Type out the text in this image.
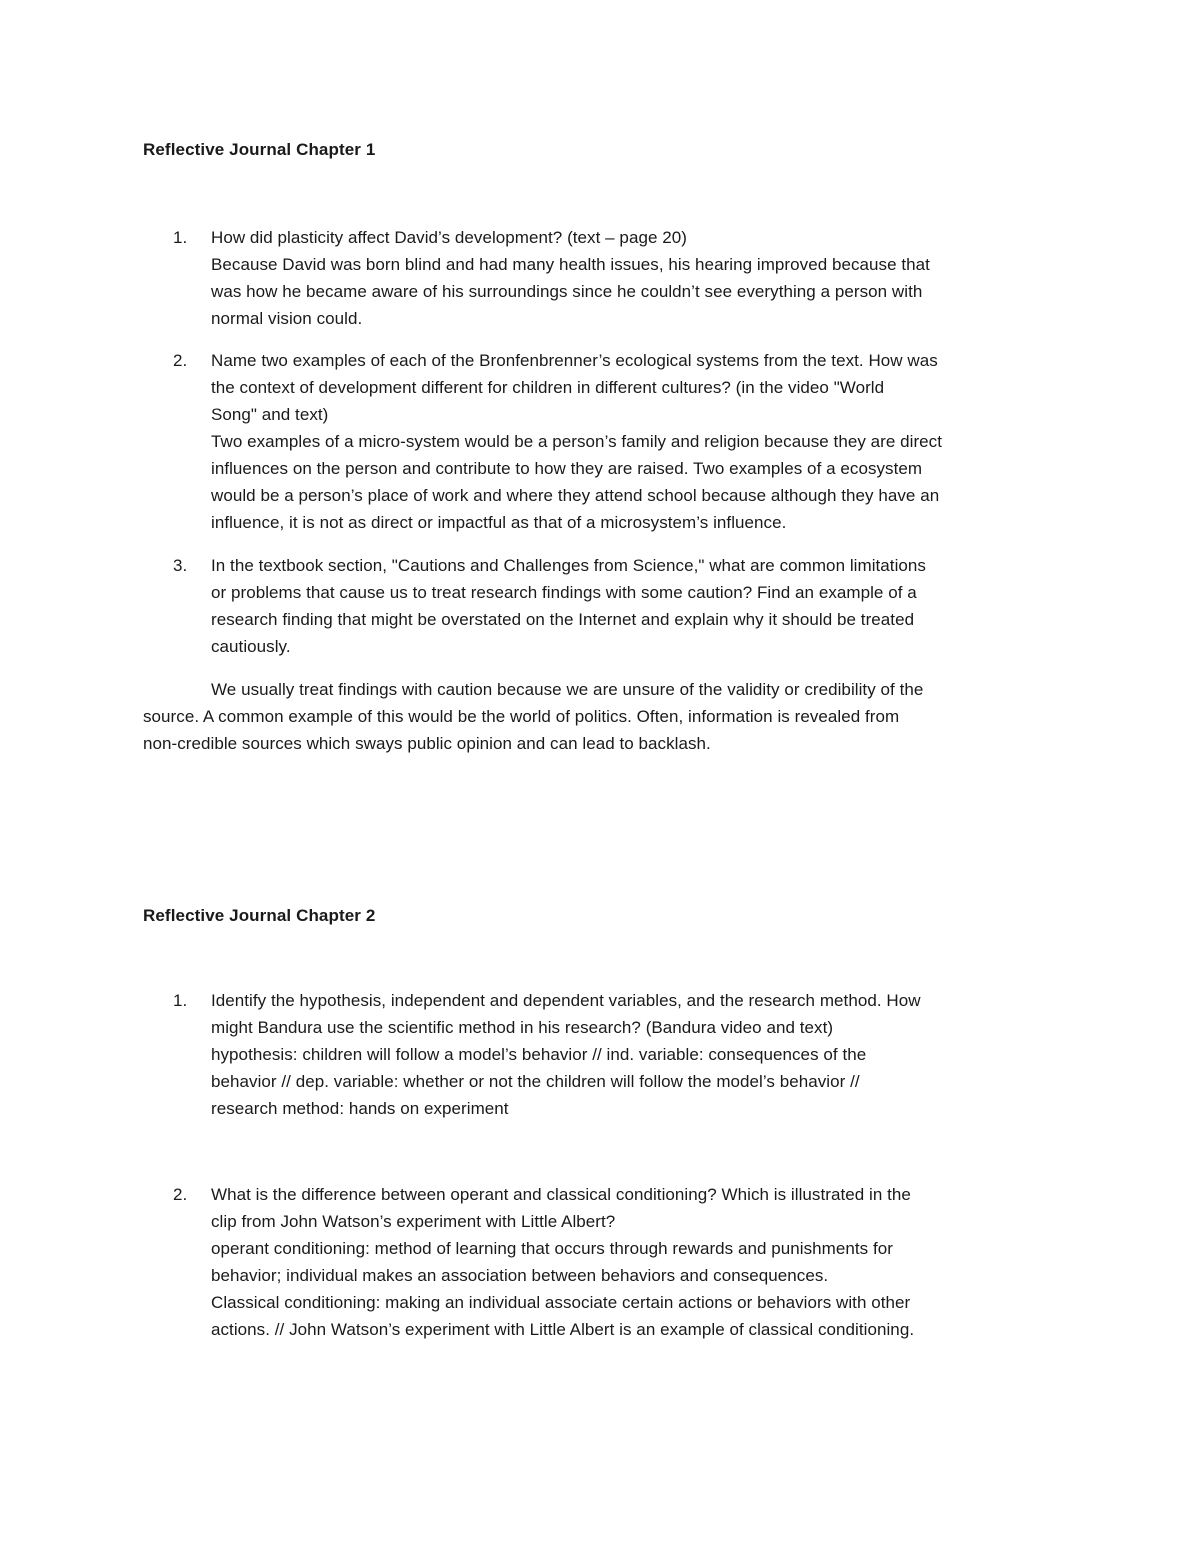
Reflective Journal Chapter 1
1. How did plasticity affect David’s development? (text – page 20)
Because David was born blind and had many health issues, his hearing improved because that
was how he became aware of his surroundings since he couldn’t see everything a person with
normal vision could.
2. Name two examples of each of the Bronfenbrenner’s ecological systems from the text. How was
the context of development different for children in different cultures? (in the video "World
Song" and text)
Two examples of a micro-system would be a person’s family and religion because they are direct
influences on the person and contribute to how they are raised. Two examples of a ecosystem
would be a person’s place of work and where they attend school because although they have an
influence, it is not as direct or impactful as that of a microsystem’s influence.
3. In the textbook section, "Cautions and Challenges from Science," what are common limitations
or problems that cause us to treat research findings with some caution? Find an example of a
research finding that might be overstated on the Internet and explain why it should be treated
cautiously.
We usually treat findings with caution because we are unsure of the validity or credibility of the
source. A common example of this would be the world of politics. Often, information is revealed from
non-credible sources which sways public opinion and can lead to backlash.
Reflective Journal Chapter 2
1. Identify the hypothesis, independent and dependent variables, and the research method. How
might Bandura use the scientific method in his research? (Bandura video and text)
hypothesis: children will follow a model’s behavior // ind. variable: consequences of the
behavior // dep. variable: whether or not the children will follow the model’s behavior //
research method: hands on experiment
2. What is the difference between operant and classical conditioning? Which is illustrated in the
clip from John Watson’s experiment with Little Albert?
operant conditioning: method of learning that occurs through rewards and punishments for
behavior; individual makes an association between behaviors and consequences.
Classical conditioning: making an individual associate certain actions or behaviors with other
actions. // John Watson’s experiment with Little Albert is an example of classical conditioning.
